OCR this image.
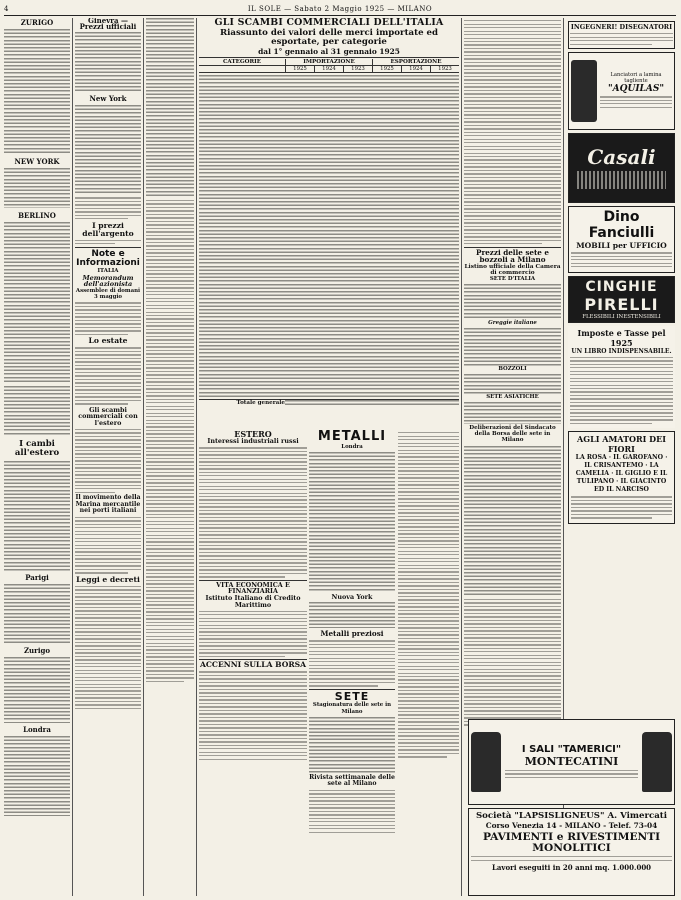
4	IL SOLE — Sabato 2 Maggio 1925 — MILANO
ZURIGO
NEW YORK
BERLINO
I cambi all'estero
Parigi
Zurigo
Londra
Ginevra — Prezzi ufficiali
New York
I prezzi dell'argento
Note e Informazioni
ITALIA
Memorandum dell'azionista
Assemblee di domani 3 maggio
Lo estate
Gli scambi commerciali con l'estero
Il movimento della Marina mercantile nei porti italiani
Leggi e decreti
GLI SCAMBI COMMERCIALI DELL'ITALIA
Riassunto dei valori delle merci importate ed esportate, per categorie
dal 1° gennaio al 31 gennaio 1925
CATEGORIE	IMPORTAZIONE	ESPORTAZIONE
1925	1924	1923	1925	1924	1923
Totale generale
ESTERO
Interessi industriali russi
VITA ECONOMICA E FINANZIARIA
Istituto Italiano di Credito Marittimo
ACCENNI SULLA BORSA
METALLI
Londra
Nuova York
Metalli preziosi
SETE
Stagionatura delle sete in Milano
Rivista settimanale delle sete al Milano
Prezzi delle sete e bozzoli a Milano
Listino ufficiale della Camera di commercio
SETE D'ITALIA
Greggie italiane
BOZZOLI
SETE ASIATICHE
Deliberazioni del Sindacato della Borsa delle sete in Milano
INGEGNERI! DISEGNATORI
Lanciatori a lamina tagliente
"AQUILAS"
Casali
Dino Fanciulli
MOBILI per UFFICIO
CINGHIE
PIRELLI
FLESSIBILI INESTENSIBILI
Imposte e Tasse pel 1925
UN LIBRO INDISPENSABILE.
AGLI AMATORI DEI FIORI
LA ROSA · IL GAROFANO · IL CRISANTEMO · LA CAMELIA · IL GIGLIO E IL TULIPANO · IL GIACINTO ED IL NARCISO
I SALI "TAMERICI"
MONTECATINI
Società "LAPSISLIGNEUS" A. Vimercati
Corso Venezia 14 - MILANO - Telef. 73-04
PAVIMENTI e RIVESTIMENTI MONOLITICI
Lavori eseguiti in 20 anni mq. 1.000.000
